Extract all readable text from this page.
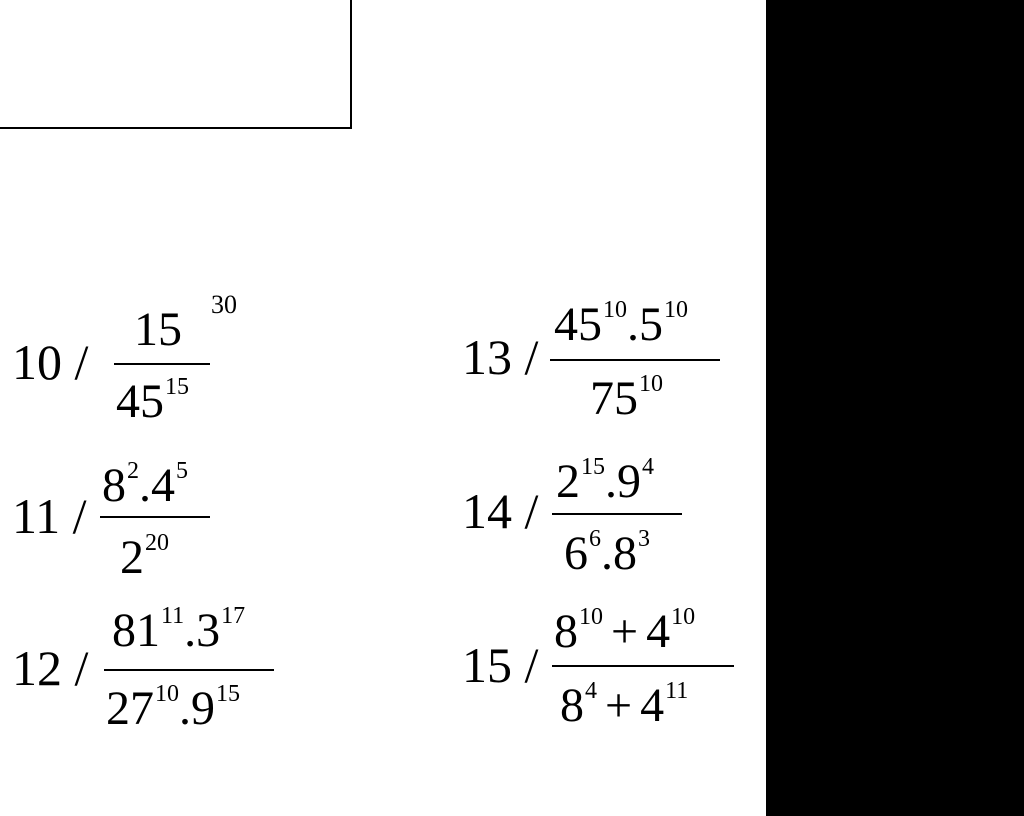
10 /
15
$45^{15}$
30
11 /
$8^2.4^5$
$2^{20}$
12 /
$81^{11}.3^{17}$
$27^{10}.9^{15}$
13 /
$45^{10}.5^{10}$
$75^{10}$
14 /
$2^{15}.9^4$
$6^6.8^3$
15 /
$8^{10} + 4^{10}$
$8^4 + 4^{11}$
